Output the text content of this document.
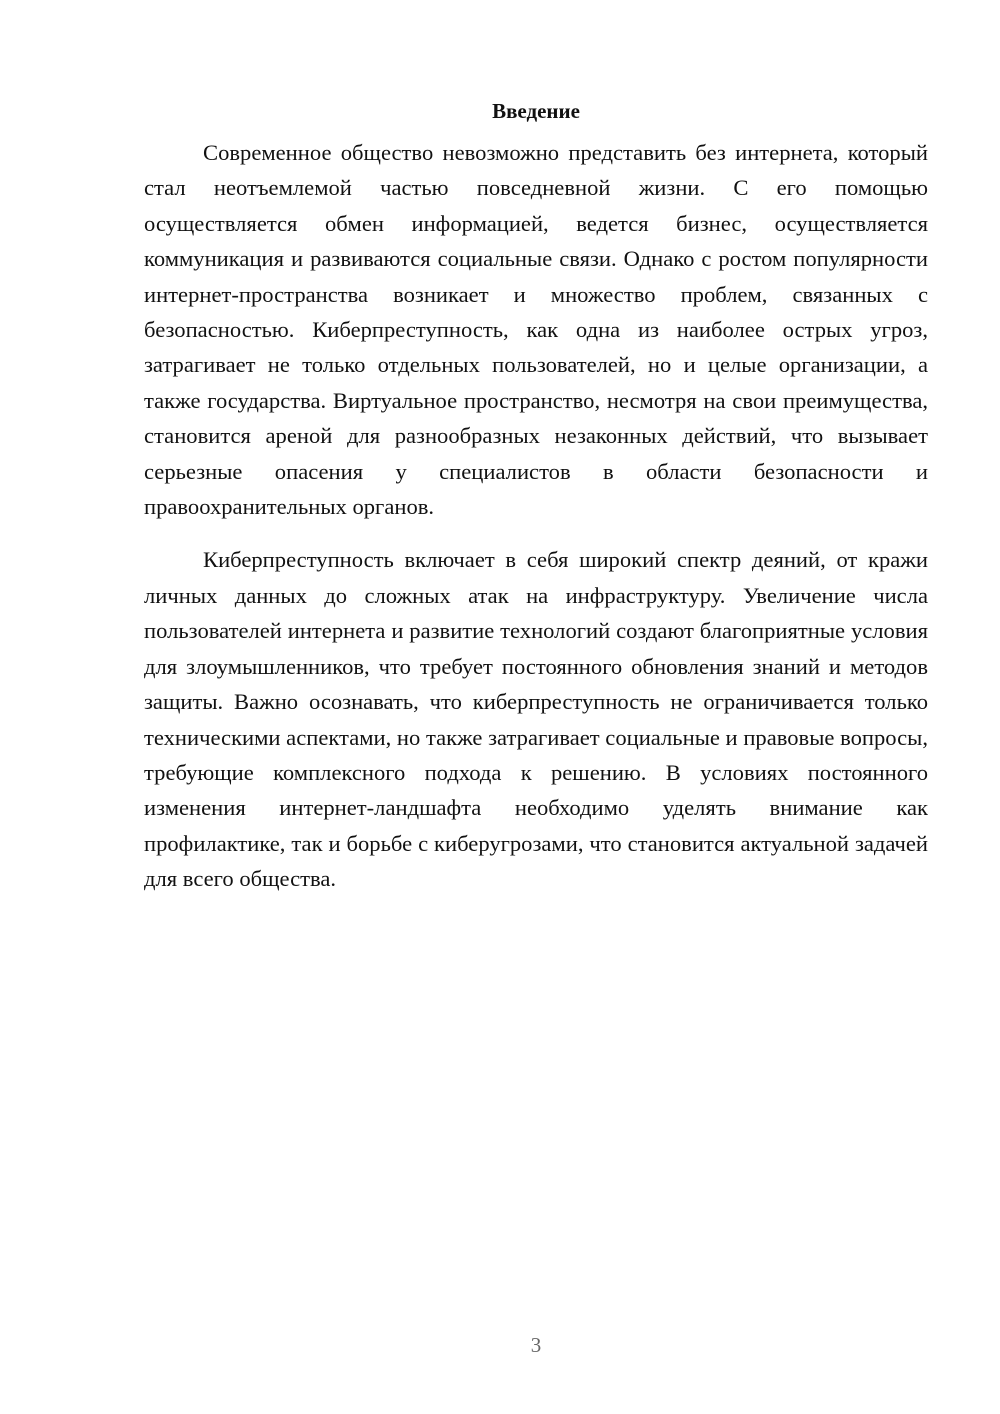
Введение

Современное общество невозможно представить без интернета, который стал неотъемлемой частью повседневной жизни. С его помощью осуществляется обмен информацией, ведется бизнес, осуществляется коммуникация и развиваются социальные связи. Однако с ростом популярности интернет-пространства возникает и множество проблем, связанных с безопасностью. Киберпреступность, как одна из наиболее острых угроз, затрагивает не только отдельных пользователей, но и целые организации, а также государства. Виртуальное пространство, несмотря на свои преимущества, становится ареной для разнообразных незаконных действий, что вызывает серьезные опасения у специалистов в области безопасности и правоохранительных органов.

Киберпреступность включает в себя широкий спектр деяний, от кражи личных данных до сложных атак на инфраструктуру. Увеличение числа пользователей интернета и развитие технологий создают благоприятные условия для злоумышленников, что требует постоянного обновления знаний и методов защиты. Важно осознавать, что киберпреступность не ограничивается только техническими аспектами, но также затрагивает социальные и правовые вопросы, требующие комплексного подхода к решению. В условиях постоянного изменения интернет-ландшафта необходимо уделять внимание как профилактике, так и борьбе с киберугрозами, что становится актуальной задачей для всего общества.

3
